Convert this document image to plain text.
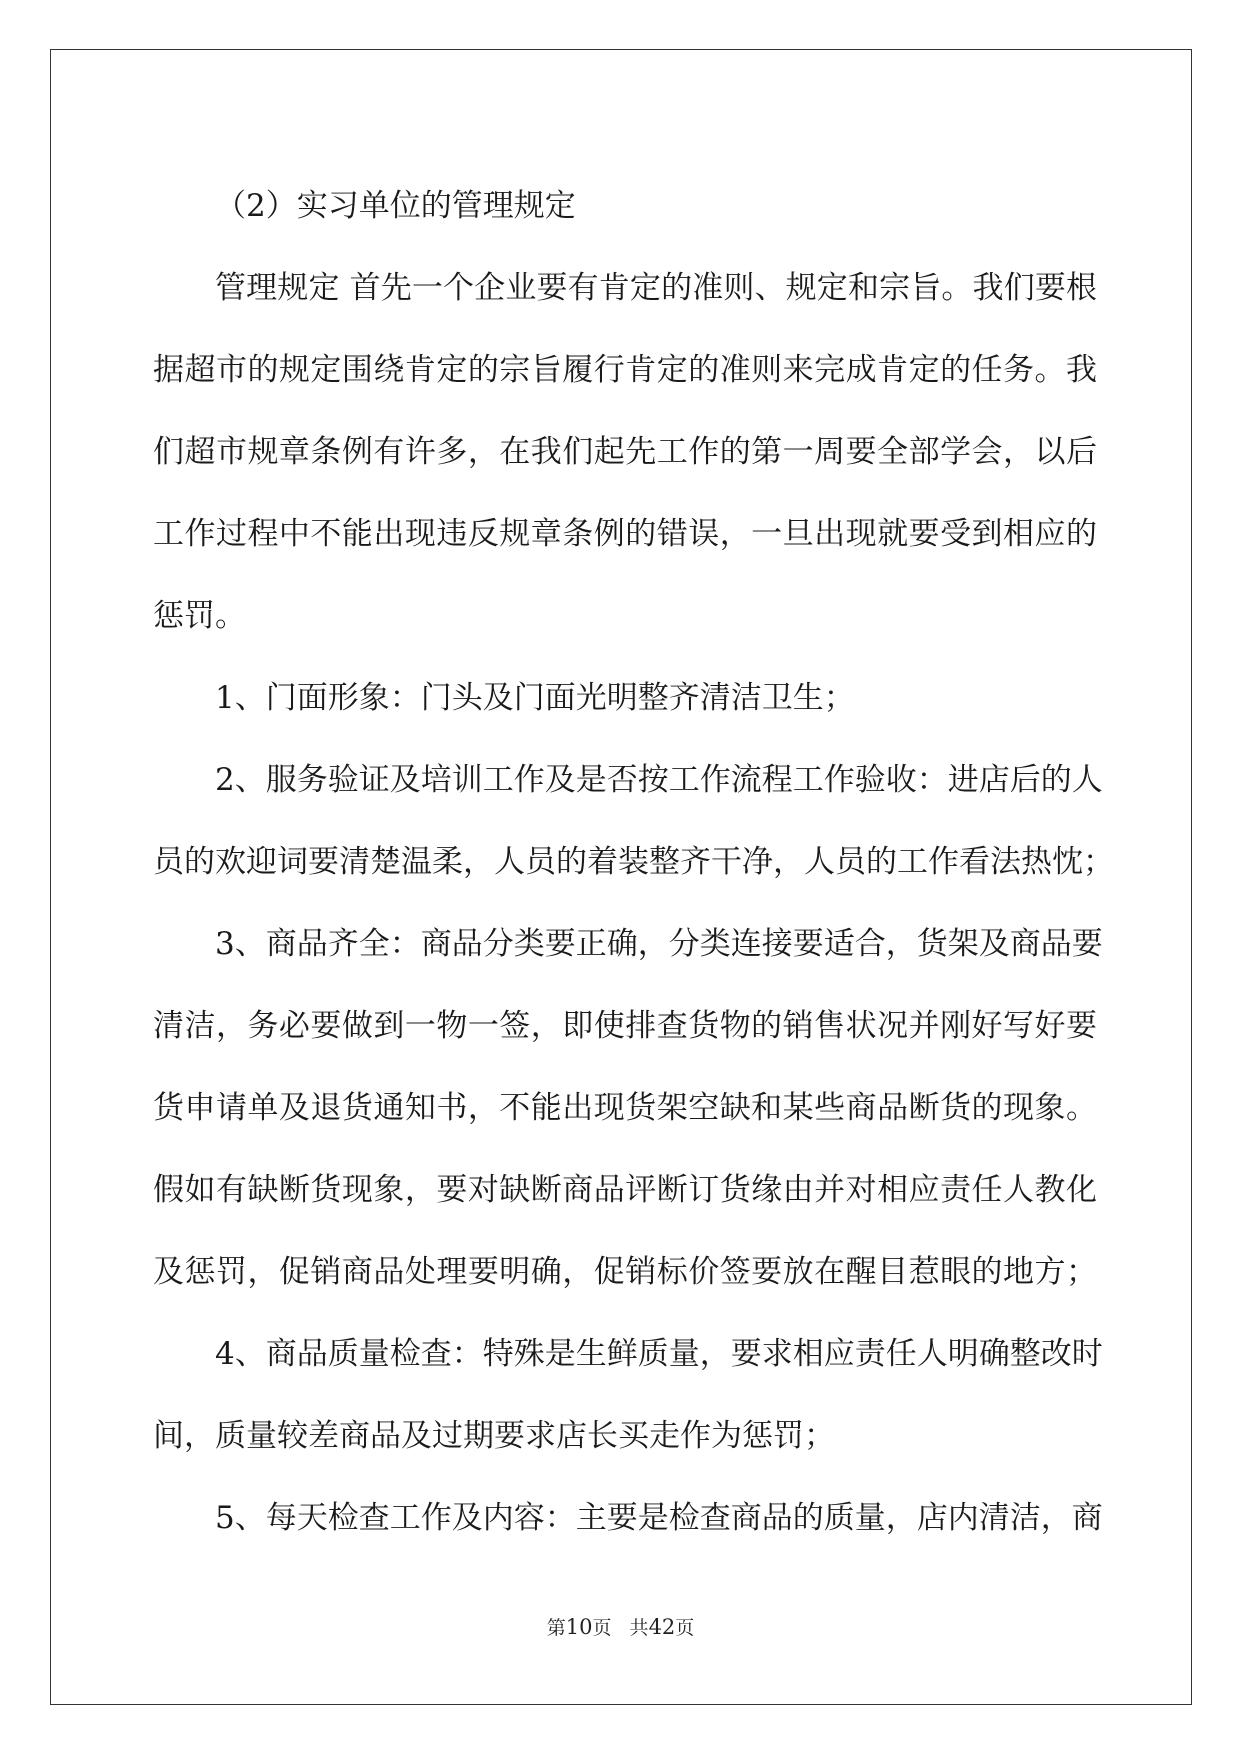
（2）实习单位的管理规定
管理规定 首先一个企业要有肯定的准则、规定和宗旨。我们要根
据超市的规定围绕肯定的宗旨履行肯定的准则来完成肯定的任务。我
们超市规章条例有许多，在我们起先工作的第一周要全部学会，以后
工作过程中不能出现违反规章条例的错误，一旦出现就要受到相应的
惩罚。
1、门面形象：门头及门面光明整齐清洁卫生；
2、服务验证及培训工作及是否按工作流程工作验收：进店后的人
员的欢迎词要清楚温柔，人员的着装整齐干净，人员的工作看法热忱；
3、商品齐全：商品分类要正确，分类连接要适合，货架及商品要
清洁，务必要做到一物一签，即使排查货物的销售状况并刚好写好要
货申请单及退货通知书，不能出现货架空缺和某些商品断货的现象。
假如有缺断货现象，要对缺断商品评断订货缘由并对相应责任人教化
及惩罚，促销商品处理要明确，促销标价签要放在醒目惹眼的地方；
4、商品质量检查：特殊是生鲜质量，要求相应责任人明确整改时
间，质量较差商品及过期要求店长买走作为惩罚；
5、每天检查工作及内容：主要是检查商品的质量，店内清洁，商
第10页   共42页
